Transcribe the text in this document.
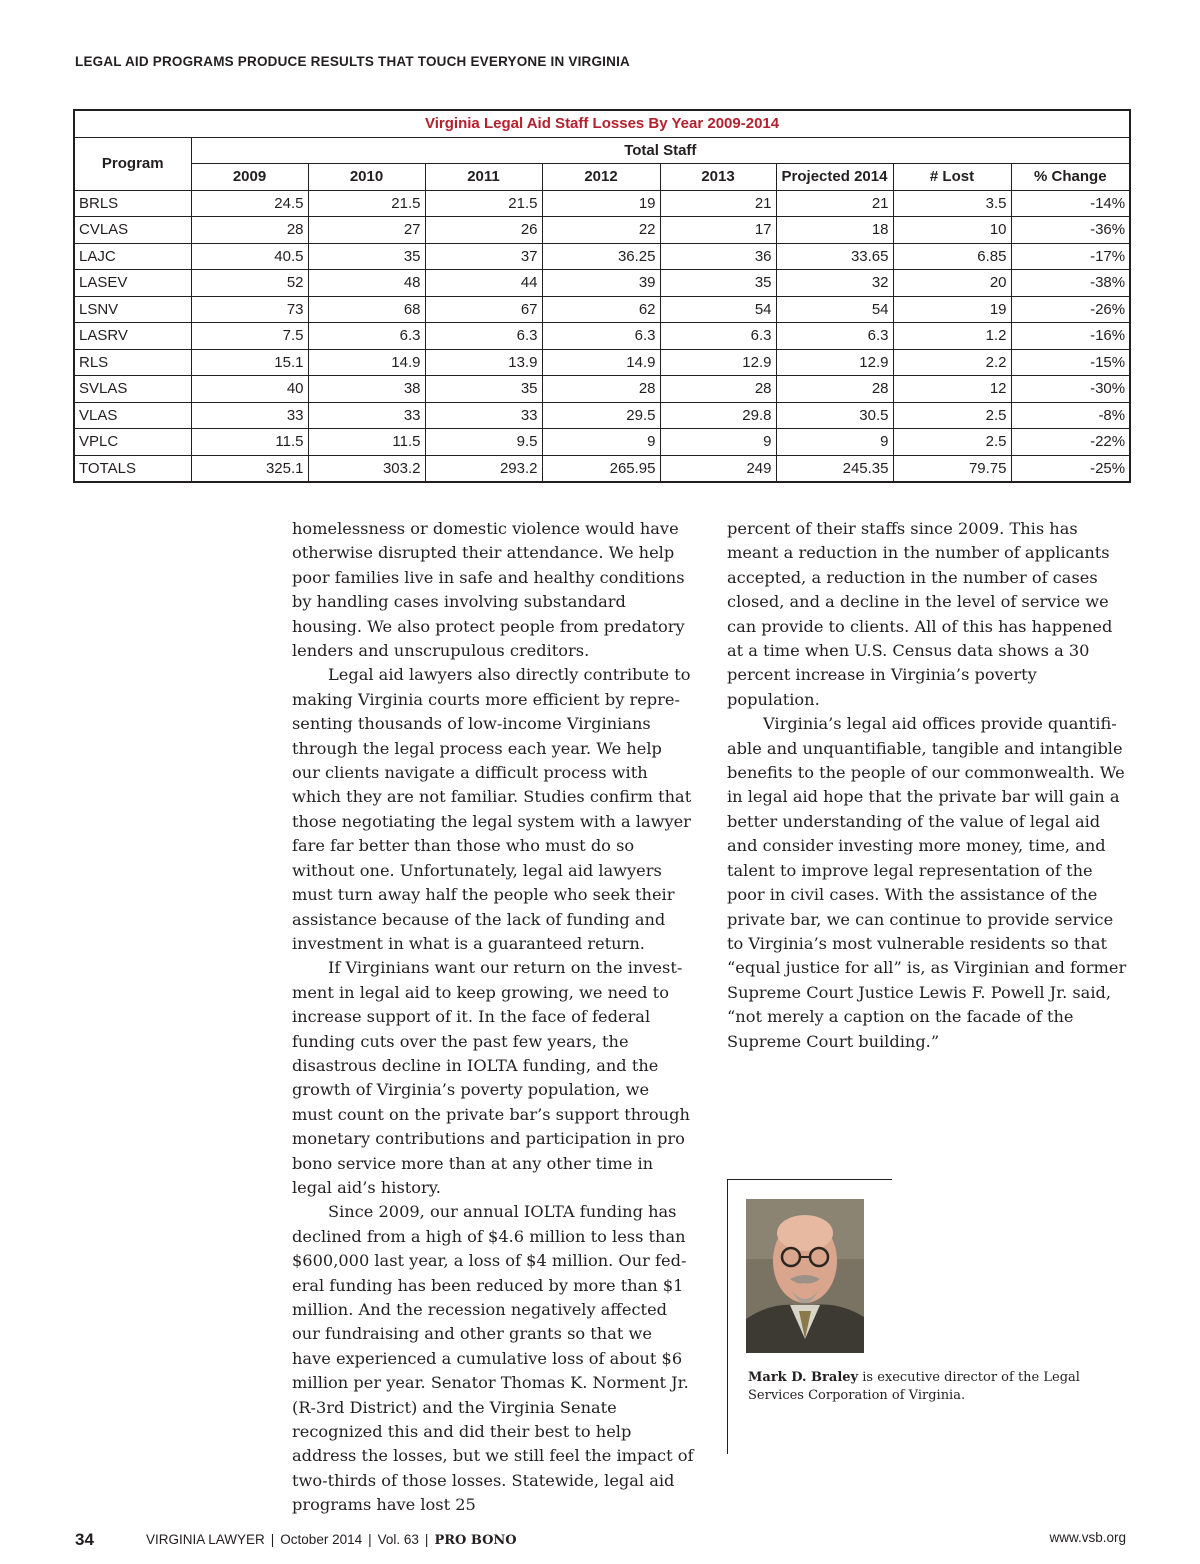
LEGAL AID PROGRAMS PRODUCE RESULTS THAT TOUCH EVERYONE IN VIRGINIA
Virginia Legal Aid Staff Losses By Year 2009-2014								
Program	Total Staff							
	2009	2010	2011	2012	2013	Projected 2014	# Lost	% Change
BRLS	24.5	21.5	21.5	19	21	21	3.5	-14%
CVLAS	28	27	26	22	17	18	10	-36%
LAJC	40.5	35	37	36.25	36	33.65	6.85	-17%
LASEV	52	48	44	39	35	32	20	-38%
LSNV	73	68	67	62	54	54	19	-26%
LASRV	7.5	6.3	6.3	6.3	6.3	6.3	1.2	-16%
RLS	15.1	14.9	13.9	14.9	12.9	12.9	2.2	-15%
SVLAS	40	38	35	28	28	28	12	-30%
VLAS	33	33	33	29.5	29.8	30.5	2.5	-8%
VPLC	11.5	11.5	9.5	9	9	9	2.5	-22%
TOTALS	325.1	303.2	293.2	265.95	249	245.35	79.75	-25%

homelessness or domestic violence would have otherwise disrupted their attendance. We help poor families live in safe and healthy conditions by handling cases involving substandard housing. We also protect people from predatory lenders and unscrupulous creditors.

Legal aid lawyers also directly contribute to making Virginia courts more efficient by representing thousands of low-income Virginians through the legal process each year. We help our clients navigate a difficult process with which they are not familiar. Studies confirm that those negotiating the legal system with a lawyer fare far better than those who must do so without one. Unfortunately, legal aid lawyers must turn away half the people who seek their assistance because of the lack of funding and investment in what is a guaranteed return.

If Virginians want our return on the investment in legal aid to keep growing, we need to increase support of it. In the face of federal funding cuts over the past few years, the disastrous decline in IOLTA funding, and the growth of Virginia’s poverty population, we must count on the private bar’s support through monetary contributions and participation in pro bono service more than at any other time in legal aid’s history.

Since 2009, our annual IOLTA funding has declined from a high of $4.6 million to less than $600,000 last year, a loss of $4 million. Our federal funding has been reduced by more than $1 million. And the recession negatively affected our fundraising and other grants so that we have experienced a cumulative loss of about $6 million per year. Senator Thomas K. Norment Jr. (R-3rd District) and the Virginia Senate recognized this and did their best to help address the losses, but we still feel the impact of two-thirds of those losses. Statewide, legal aid programs have lost 25

percent of their staffs since 2009. This has meant a reduction in the number of applicants accepted, a reduction in the number of cases closed, and a decline in the level of service we can provide to clients. All of this has happened at a time when U.S. Census data shows a 30 percent increase in Virginia’s poverty population.

Virginia’s legal aid offices provide quantifiable and unquantifiable, tangible and intangible benefits to the people of our commonwealth. We in legal aid hope that the private bar will gain a better understanding of the value of legal aid and consider investing more money, time, and talent to improve legal representation of the poor in civil cases. With the assistance of the private bar, we can continue to provide service to Virginia’s most vulnerable residents so that “equal justice for all” is, as Virginian and former Supreme Court Justice Lewis F. Powell Jr. said, “not merely a caption on the facade of the Supreme Court building.”

Mark D. Braley is executive director of the Legal Services Corporation of Virginia.
34	VIRGINIA LAWYER | October 2014 | Vol. 63 | PRO BONO	www.vsb.org
